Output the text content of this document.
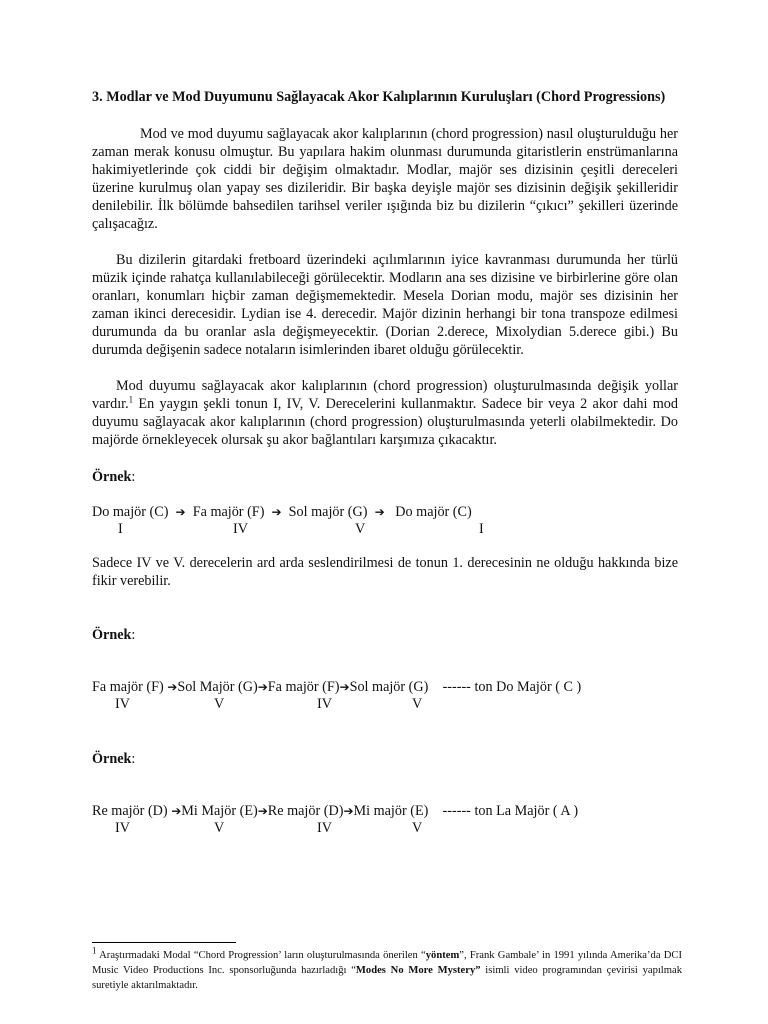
3. Modlar ve Mod Duyumunu Sağlayacak Akor Kalıplarının Kuruluşları (Chord Progressions)

Mod ve mod duyumu sağlayacak akor kalıplarının (chord progression) nasıl oluşturulduğu her zaman merak konusu olmuştur. Bu yapılara hakim olunması durumunda gitaristlerin enstrümanlarına hakimiyetlerinde çok ciddi bir değişim olmaktadır. Modlar, majör ses dizisinin çeşitli dereceleri üzerine kurulmuş olan yapay ses dizileridir. Bir başka deyişle majör ses dizisinin değişik şekilleridir denilebilir. İlk bölümde bahsedilen tarihsel veriler ışığında biz bu dizilerin “çıkıcı” şekilleri üzerinde çalışacağız.

Bu dizilerin gitardaki fretboard üzerindeki açılımlarının iyice kavranması durumunda her türlü müzik içinde rahatça kullanılabileceği görülecektir. Modların ana ses dizisine ve birbirlerine göre olan oranları, konumları hiçbir zaman değişmemektedir. Mesela Dorian modu, majör ses dizisinin her zaman ikinci derecesidir. Lydian ise 4. derecedir. Majör dizinin herhangi bir tona transpoze edilmesi durumunda da bu oranlar asla değişmeyecektir. (Dorian 2.derece, Mixolydian 5.derece gibi.) Bu durumda değişenin sadece notaların isimlerinden ibaret olduğu görülecektir.

Mod duyumu sağlayacak akor kalıplarının (chord progression) oluşturulmasında değişik yollar vardır.$^1$ En yaygın şekli tonun I, IV, V. Derecelerini kullanmaktır. Sadece bir veya 2 akor dahi mod duyumu sağlayacak akor kalıplarının (chord progression) oluşturulmasında yeterli olabilmektedir. Do majörde örnekleyecek olursak şu akor bağlantıları karşımıza çıkacaktır.

Örnek:
Do majör (C) ➔ Fa majör (F) ➔ Sol majör (G) ➔ Do majör (C)
I	IV	V	I

Sadece IV ve V. derecelerin ard arda seslendirilmesi de tonun 1. derecesinin ne olduğu hakkında bize fikir verebilir.

Örnek:
Fa majör (F) ➔Sol Majör (G)➔Fa majör (F)➔Sol majör (G) ------ ton Do Majör ( C )
IV	V	IV	V
Örnek:
Re majör (D) ➔Mi Majör (E)➔Re majör (D)➔Mi majör (E) ------ ton La Majör ( A )
IV	V	IV	V
$^1$ Araştırmadaki Modal “Chord Progression’ ların oluşturulmasında önerilen “yöntem”, Frank Gambale’ in 1991 yılında Amerika’da DCI Music Video Productions Inc. sponsorluğunda hazırladığı “Modes No More Mystery” isimli video programından çevirisi yapılmak suretiyle aktarılmaktadır.
